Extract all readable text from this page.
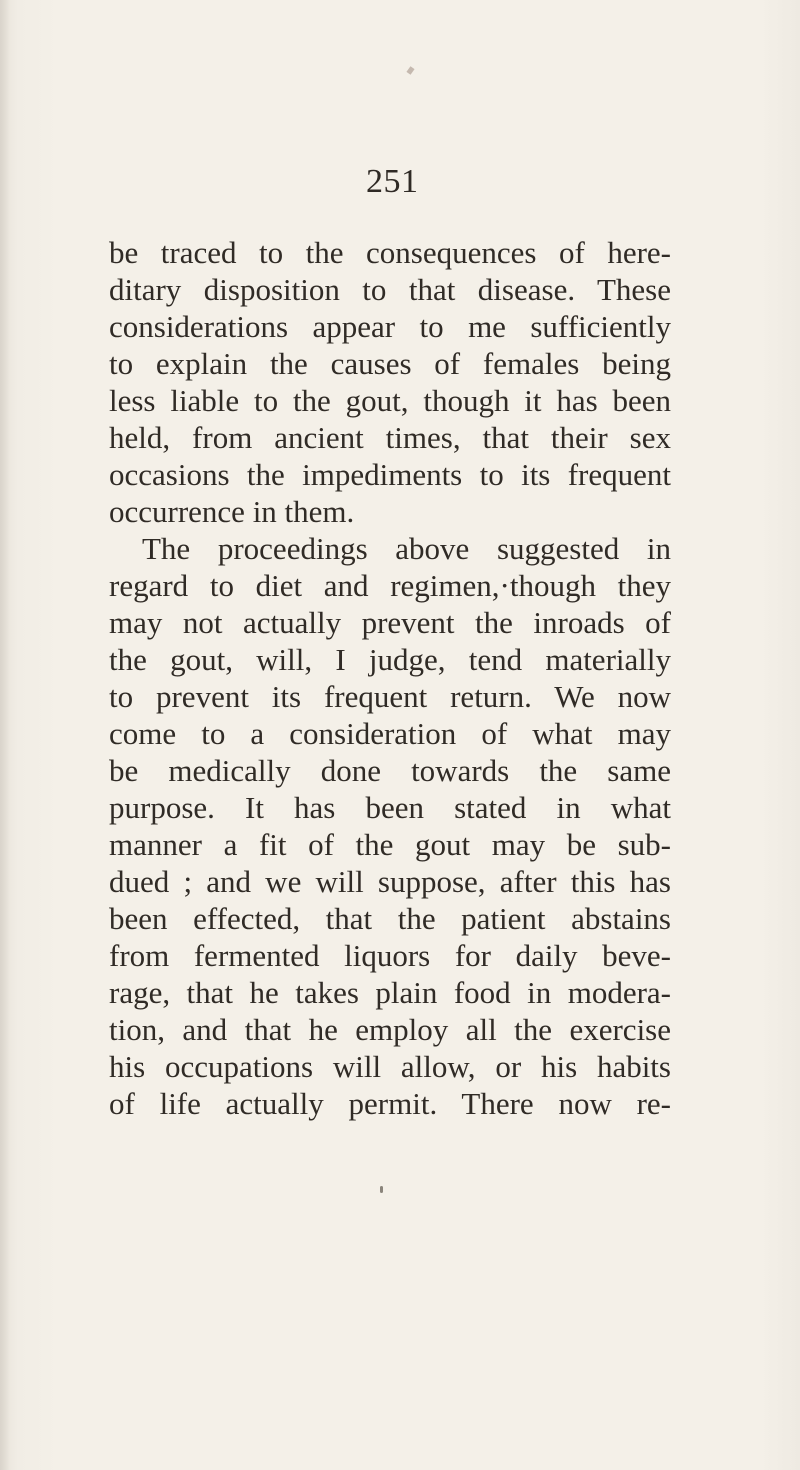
251
be traced to the consequences of here-
ditary disposition to that disease. These
considerations appear to me sufficiently
to explain the causes of females being
less liable to the gout, though it has been
held, from ancient times, that their sex
occasions the impediments to its frequent
occurrence in them.
The proceedings above suggested in
regard to diet and regimen,·though they
may not actually prevent the inroads of
the gout, will, I judge, tend materially
to prevent its frequent return. We now
come to a consideration of what may
be medically done towards the same
purpose. It has been stated in what
manner a fit of the gout may be sub-
dued ; and we will suppose, after this has
been effected, that the patient abstains
from fermented liquors for daily beve-
rage, that he takes plain food in modera-
tion, and that he employ all the exercise
his occupations will allow, or his habits
of life actually permit. There now re-
